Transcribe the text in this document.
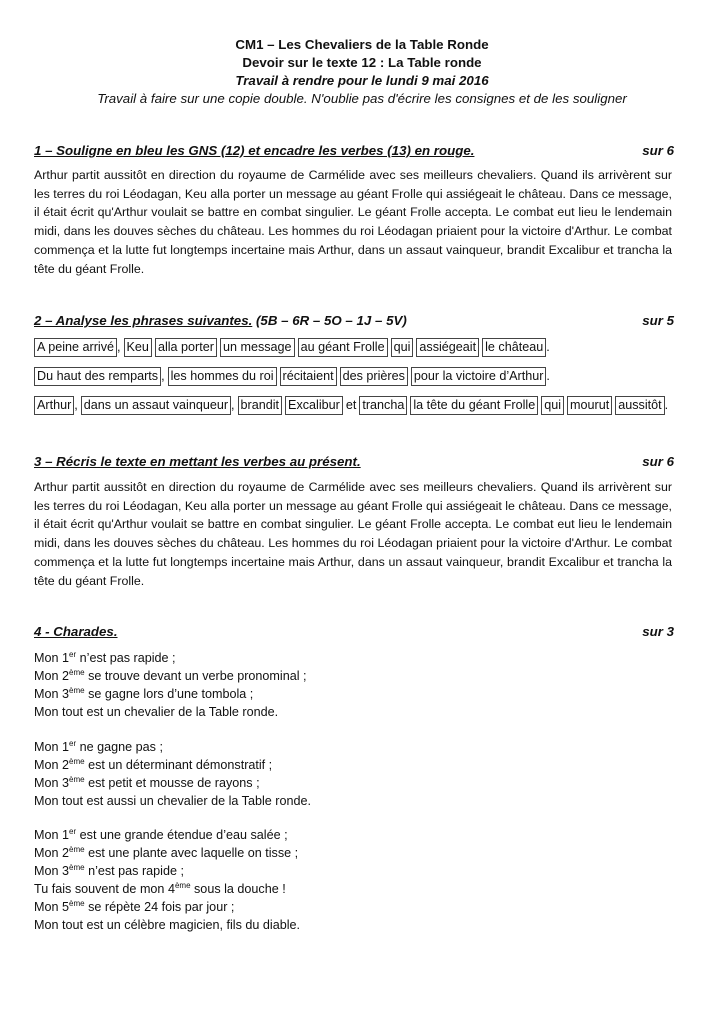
CM1 – Les Chevaliers de la Table Ronde
Devoir sur le texte 12 : La Table ronde
Travail à rendre pour le lundi 9 mai 2016
Travail à faire sur une copie double. N'oublie pas d'écrire les consignes et de les souligner
1 – Souligne en bleu les GNS (12) et encadre les verbes (13) en rouge.	sur 6
Arthur partit aussitôt en direction du royaume de Carmélide avec ses meilleurs chevaliers. Quand ils arrivèrent sur les terres du roi Léodagan, Keu alla porter un message au géant Frolle qui assiégeait le château. Dans ce message, il était écrit qu'Arthur voulait se battre en combat singulier. Le géant Frolle accepta. Le combat eut lieu le lendemain midi, dans les douves sèches du château. Les hommes du roi Léodagan priaient pour la victoire d'Arthur. Le combat commença et la lutte fut longtemps incertaine mais Arthur, dans un assaut vainqueur, brandit Excalibur et trancha la tête du géant Frolle.
2 – Analyse les phrases suivantes. (5B – 6R – 5O – 1J – 5V)	sur 5
A peine arrivé , Keu alla porter un message au géant Frolle qui assiégeait le château .
Du haut des remparts , les hommes du roi récitaient des prières pour la victoire d’Arthur .
Arthur , dans un assaut vainqueur , brandit Excalibur et trancha la tête du géant Frolle qui mourut aussitôt .
3 – Récris le texte en mettant les verbes au présent.	sur 6
Arthur partit aussitôt en direction du royaume de Carmélide avec ses meilleurs chevaliers. Quand ils arrivèrent sur les terres du roi Léodagan, Keu alla porter un message au géant Frolle qui assiégeait le château. Dans ce message, il était écrit qu'Arthur voulait se battre en combat singulier. Le géant Frolle accepta. Le combat eut lieu le lendemain midi, dans les douves sèches du château. Les hommes du roi Léodagan priaient pour la victoire d'Arthur. Le combat commença et la lutte fut longtemps incertaine mais Arthur, dans un assaut vainqueur, brandit Excalibur et trancha la tête du géant Frolle.
4 - Charades.	sur 3
Mon 1er n’est pas rapide ;
Mon 2ème se trouve devant un verbe pronominal ;
Mon 3ème se gagne lors d’une tombola ;
Mon tout est un chevalier de la Table ronde.
Mon 1er ne gagne pas ;
Mon 2ème est un déterminant démonstratif ;
Mon 3ème est petit et mousse de rayons ;
Mon tout est aussi un chevalier de la Table ronde.
Mon 1er est une grande étendue d’eau salée ;
Mon 2ème est une plante avec laquelle on tisse ;
Mon 3ème n’est pas rapide ;
Tu fais souvent de mon 4ème sous la douche !
Mon 5ème se répète 24 fois par jour ;
Mon tout est un célèbre magicien, fils du diable.
